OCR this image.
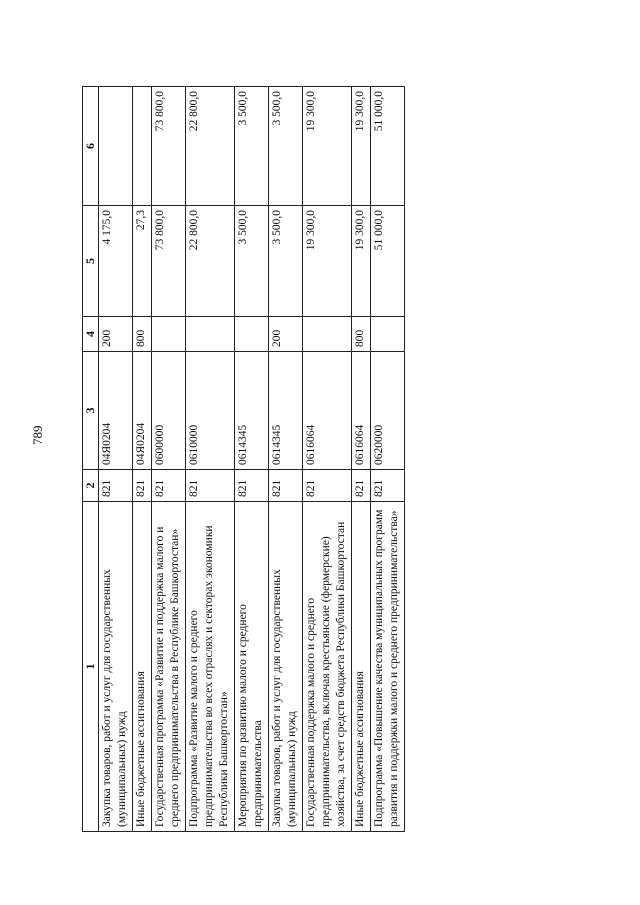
789
1	2	3	4	5	6
Закупка товаров, работ и услуг для государственных (муниципальных) нужд	821	04Я0204	200	4 175,0	
Иные бюджетные ассигнования	821	04Я0204	800	27,3	
Государственная программа «Развитие и поддержка малого и среднего предпринимательства в Республике Башкортостан»	821	0600000		73 800,0	73 800,0
Подпрограмма «Развитие малого и среднего предпринимательства во всех отраслях и секторах экономики Республики Башкортостан»	821	0610000		22 800,0	22 800,0
Мероприятия по развитию малого и среднего предпринимательства	821	0614345		3 500,0	3 500,0
Закупка товаров, работ и услуг для государственных (муниципальных) нужд	821	0614345	200	3 500,0	3 500,0
Государственная поддержка малого и среднего предпринимательства, включая крестьянские (фермерские) хозяйства, за счет средств бюджета Республики Башкортостан	821	0616064		19 300,0	19 300,0
Иные бюджетные ассигнования	821	0616064	800	19 300,0	19 300,0
Подпрограмма «Повышение качества муниципальных программ развития и поддержки малого и среднего предпринимательства»	821	0620000		51 000,0	51 000,0
